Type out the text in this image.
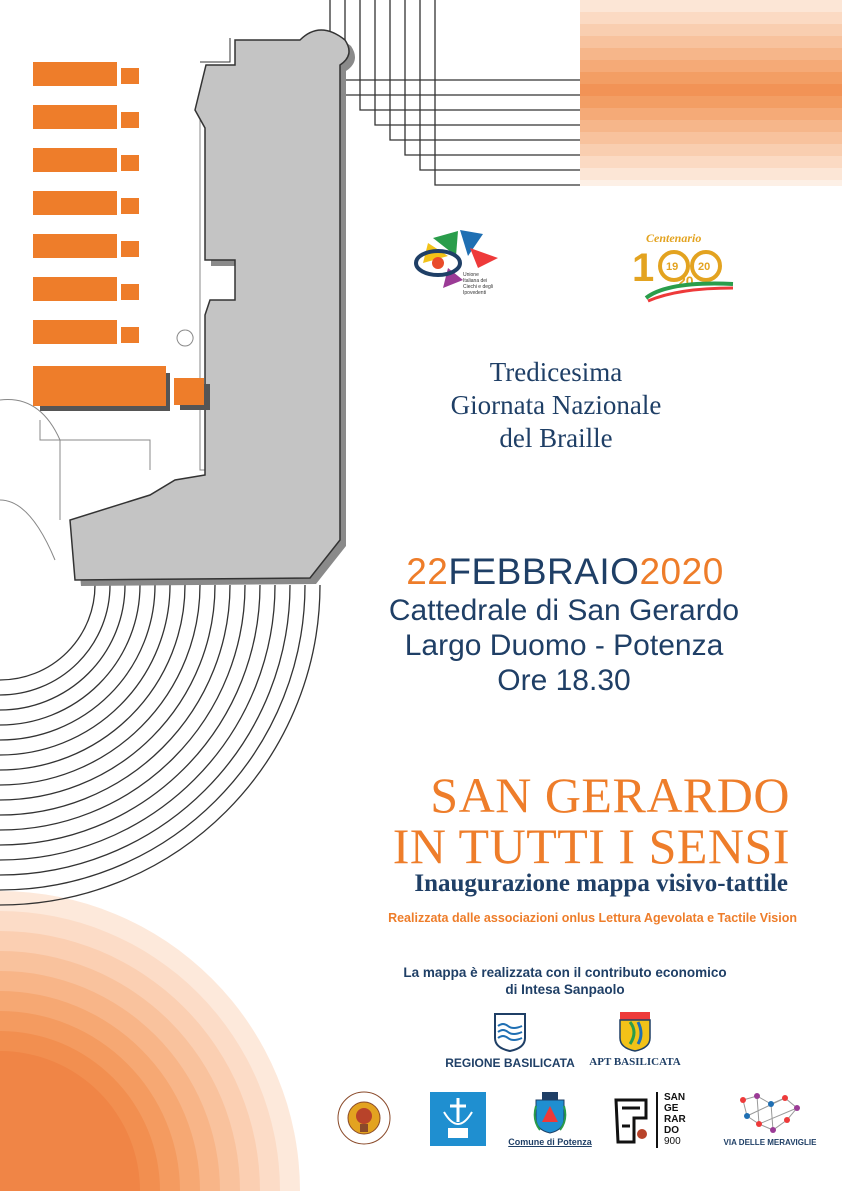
Unione
Italiana dei
Ciechi e degli
Ipovedenti
Centenario
1 19 20
20
Tredicesima
Giornata Nazionale
del Braille
22FEBBRAIO2020
Cattedrale di San Gerardo
Largo Duomo - Potenza
Ore 18.30
SAN GERARDO
IN TUTTI I SENSI
Inaugurazione mappa visivo-tattile
Realizzata dalle associazioni onlus Lettura Agevolata e Tactile Vision
La mappa è realizzata con il contributo economico
di Intesa Sanpaolo
REGIONE BASILICATA	APT BASILICATA
Comune di Potenza
SAN
GE
RAR
DO
900	VIA DELLE MERAVIGLIE
